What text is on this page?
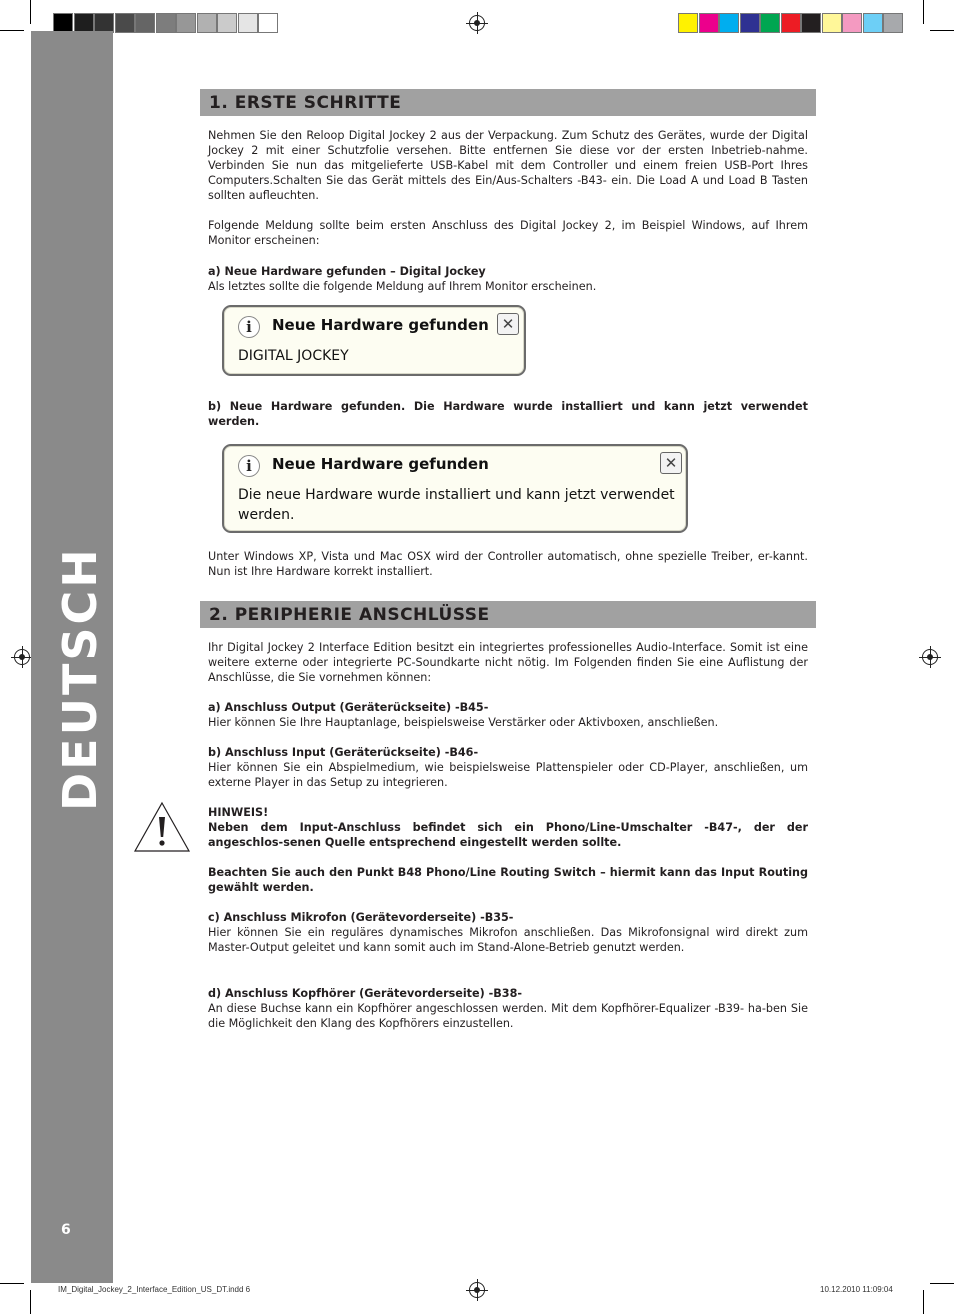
DEUTSCH
6
1. ERSTE SCHRITTE
Nehmen Sie den Reloop Digital Jockey 2 aus der Verpackung. Zum Schutz des Gerätes, wurde der Digital Jockey 2 mit einer Schutzfolie versehen. Bitte entfernen Sie diese vor der ersten Inbetrieb-nahme. Verbinden Sie nun das mitgelieferte USB-Kabel mit dem Controller und einem freien USB-Port Ihres Computers.Schalten Sie das Gerät mittels des Ein/Aus-Schalters -B43- ein. Die Load A und Load B Tasten sollten aufleuchten.
Folgende Meldung sollte beim ersten Anschluss des Digital Jockey 2, im Beispiel Windows, auf Ihrem Monitor erscheinen:

a) Neue Hardware gefunden – Digital Jockey

Als letztes sollte die folgende Meldung auf Ihrem Monitor erscheinen.

i	Neue Hardware gefunden ✕
DIGITAL JOCKEY

b) Neue Hardware gefunden. Die Hardware wurde installiert und kann jetzt verwendet werden.

i	Neue Hardware gefunden	✕
Die neue Hardware wurde installiert und kann jetzt verwendet
werden.
Unter Windows XP, Vista und Mac OSX wird der Controller automatisch, ohne spezielle Treiber, er-kannt. Nun ist Ihre Hardware korrekt installiert.
2. PERIPHERIE ANSCHLÜSSE
Ihr Digital Jockey 2 Interface Edition besitzt ein integriertes professionelles Audio-Interface. Somit ist eine weitere externe oder integrierte PC-Soundkarte nicht nötig. Im Folgenden finden Sie eine Auflistung der Anschlüsse, die Sie vornehmen können:

a) Anschluss Output (Geräterückseite) -B45-

Hier können Sie Ihre Hauptanlage, beispielsweise Verstärker oder Aktivboxen, anschließen.

b) Anschluss Input (Geräterückseite) -B46-

Hier können Sie ein Abspielmedium, wie beispielsweise Plattenspieler oder CD-Player, anschließen, um externe Player in das Setup zu integrieren.

HINWEIS!

Neben dem Input-Anschluss befindet sich ein Phono/Line-Umschalter -B47-, der der angeschlos-senen Quelle entsprechend eingestellt werden sollte.

Beachten Sie auch den Punkt B48 Phono/Line Routing Switch – hiermit kann das Input Routing gewählt werden.

c) Anschluss Mikrofon (Gerätevorderseite) -B35-

Hier können Sie ein reguläres dynamisches Mikrofon anschließen. Das Mikrofonsignal wird direkt zum Master-Output geleitet und kann somit auch im Stand-Alone-Betrieb genutzt werden.

d) Anschluss Kopfhörer (Gerätevorderseite) -B38-

An diese Buchse kann ein Kopfhörer angeschlossen werden. Mit dem Kopfhörer-Equalizer -B39- ha-ben Sie die Möglichkeit den Klang des Kopfhörers einzustellen.

IM_Digital_Jockey_2_Interface_Edition_US_DT.indd 6	10.12.2010 11:09:04
